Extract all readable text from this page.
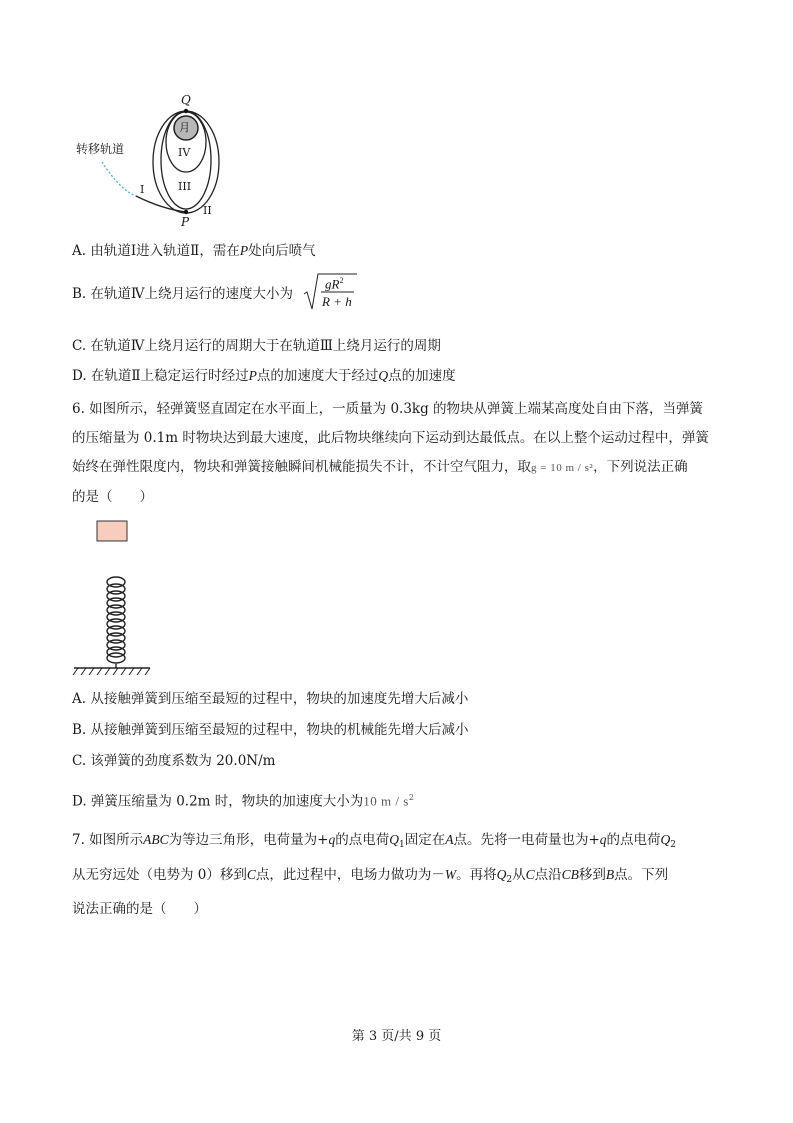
Q
月
IV
III
I
II
P
转移轨道
A. 由轨道Ⅰ进入轨道Ⅱ，需在P处向后喷气
B. 在轨道Ⅳ上绕月运行的速度大小为
$gR^2$
R + h
C. 在轨道Ⅳ上绕月运行的周期大于在轨道Ⅲ上绕月运行的周期
D. 在轨道Ⅱ上稳定运行时经过P点的加速度大于经过Q点的加速度
6. 如图所示，轻弹簧竖直固定在水平面上，一质量为 0.3kg 的物块从弹簧上端某高度处自由下落，当弹簧
的压缩量为 0.1m 时物块达到最大速度，此后物块继续向下运动到达最低点。在以上整个运动过程中，弹簧
始终在弹性限度内，物块和弹簧接触瞬间机械能损失不计，不计空气阻力，取g = 10 m / s²，下列说法正确
的是（　　）
A. 从接触弹簧到压缩至最短的过程中，物块的加速度先增大后减小
B. 从接触弹簧到压缩至最短的过程中，物块的机械能先增大后减小
C. 该弹簧的劲度系数为 20.0N/m
D. 弹簧压缩量为 0.2m 时，物块的加速度大小为10 m / $s^2$
7. 如图所示ABC为等边三角形，电荷量为+q的点电荷$Q_1$固定在A点。先将一电荷量也为+q的点电荷$Q_2$
从无穷远处（电势为 0）移到C点，此过程中，电场力做功为－W。再将$Q_2$从C点沿CB移到B点。下列
说法正确的是（　　）
第 3 页/共 9 页
